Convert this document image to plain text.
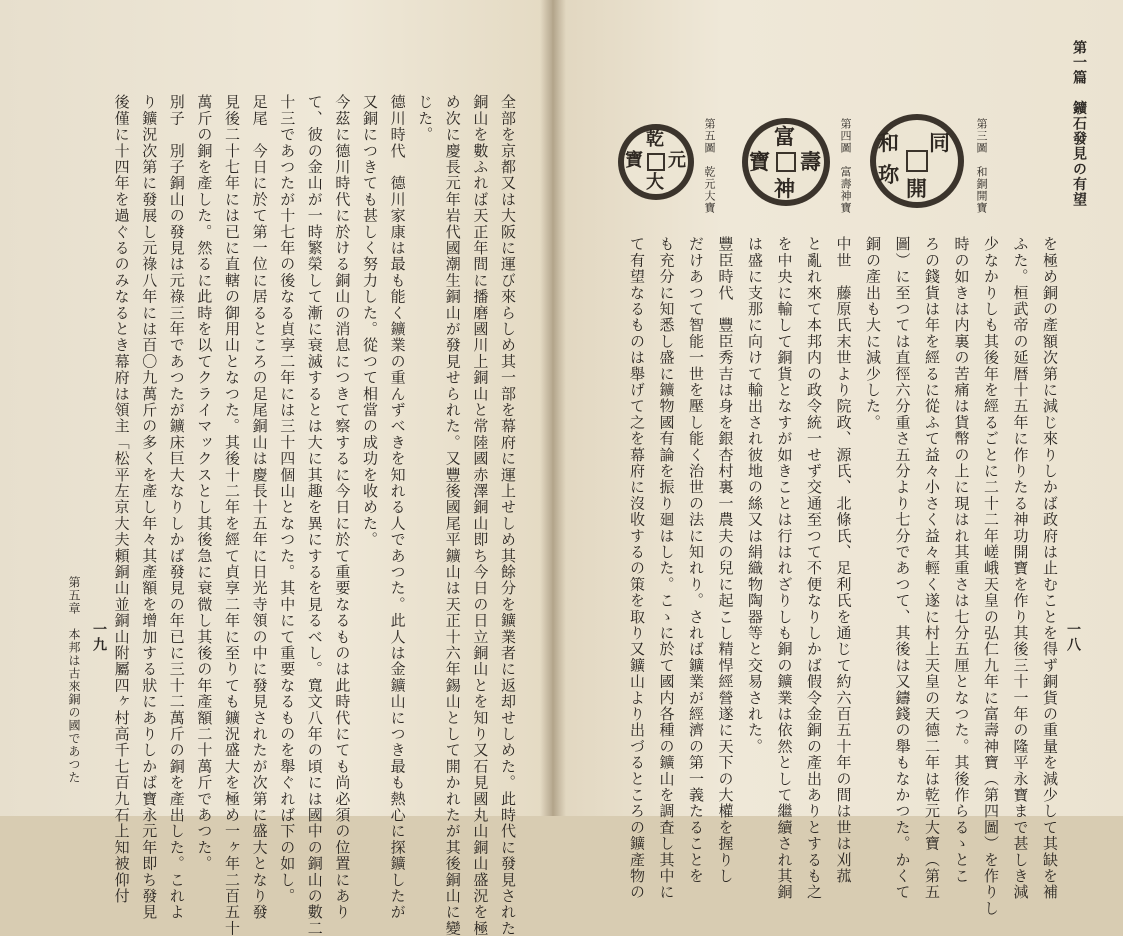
第一篇　鑛石發見の有望
一八
和 同
開
珎	第三圖　和銅開寶
富
壽
神
寶	第四圖　富壽神寶
乾
元
大
寶	第五圖　乾元大寶
を極め銅の產額次第に減じ來りしかば政府は止むことを得ず銅貨の重量を減少して其缺を補
ふた。桓武帝の延暦十五年に作りたる神功開寶を作り其後三十一年の隆平永寶まで甚しき減
少なかりしも其後年を經るごとに二十二年嵯峨天皇の弘仁九年に富壽神寶（第四圖）を作りし
時の如きは内裏の苦痛は貨幣の上に現はれ其重さは七分五厘となつた。其後作らるゝとこ
ろの錢貨は年を經るに從ふて益々小さく益々輕く遂に村上天皇の天德二年は乾元大寶（第五
圖）に至つては直徑六分重さ五分より七分であつて、其後は又鑄錢の舉もなかつた。かくて
銅の產出も大に減少した。
中世　藤原氏末世より院政、源氏、北條氏、足利氏を通じて約六百五十年の間は世は刈菰
と亂れ來て本邦内の政令統一せず交通至つて不便なりしかば假令金銅の產出ありとするも之
を中央に輸して銅貨となすが如きことは行はれざりしも銅の鑛業は依然として繼續され其銅
は盛に支那に向けて輸出され彼地の絲又は絹織物陶器等と交易された。
豐臣時代　豐臣秀吉は身を銀杏村裏一農夫の兒に起こし精悍經營遂に天下の大權を握りし
だけあつて智能一世を壓し能く治世の法に知れり。されば鑛業が經濟の第一義たることを
も充分に知悉し盛に鑛物國有論を振り廻はした。こゝに於て國内各種の鑛山を調査し其中に
て有望なるものは舉げて之を幕府に沒收するの策を取り又鑛山より出づるところの鑛產物の
第五章　本邦は古來銅の國であつた 一九	全部を京都又は大阪に運び來らしめ其一部を幕府に運上せしめ其餘分を鑛業者に返却せしめた。此時代に發見された
銅山を數ふれば天正年間に播磨國川上銅山と常陸國赤澤銅山即ち今日の日立銅山とを知り又石見國丸山銅山盛況を極
め次に慶長元年岩代國潮生銅山が發見せられた。又豐後國尾平鑛山は天正十六年錫山として開かれたが其後銅山に變
じた。
德川時代　德川家康は最も能く鑛業の重んずべきを知れる人であつた。此人は金鑛山につき最も熱心に探鑛したが
又銅につきても甚しく努力した。從つて相當の成功を收めた。
今茲に德川時代に於ける銅山の消息につきて察するに今日に於て重要なるものは此時代にても尚必須の位置にあり
て、彼の金山が一時繁榮して漸に衰滅するとは大に其趣を異にするを見るべし。寬文八年の頃には國中の銅山の數二
十三であつたが十七年の後なる貞享二年には三十四個山となつた。其中にて重要なるものを舉ぐれば下の如し。
足尾　今日に於て第一位に居るところの足尾銅山は慶長十五年に日光寺領の中に發見されたが次第に盛大となり發
見後二十七年には已に直轄の御用山となつた。其後十二年を經て貞享二年に至りても鑛況盛大を極め一ヶ年二百五十
萬斤の銅を產した。然るに此時を以てクライマックスとし其後急に衰微し其後の年產額二十萬斤であつた。
別子　別子銅山の發見は元祿三年であつたが鑛床巨大なりしかば發見の年已に三十二萬斤の銅を產出した。これよ
り鑛況次第に發展し元祿八年には百〇九萬斤の多くを產し年々其產額を增加する狀にありしかば寶永元年即ち發見
後僅に十四年を過ぐるのみなるとき幕府は領主「松平左京大夫頼銅山並銅山附屬四ヶ村高千七百九石上知被仰付
